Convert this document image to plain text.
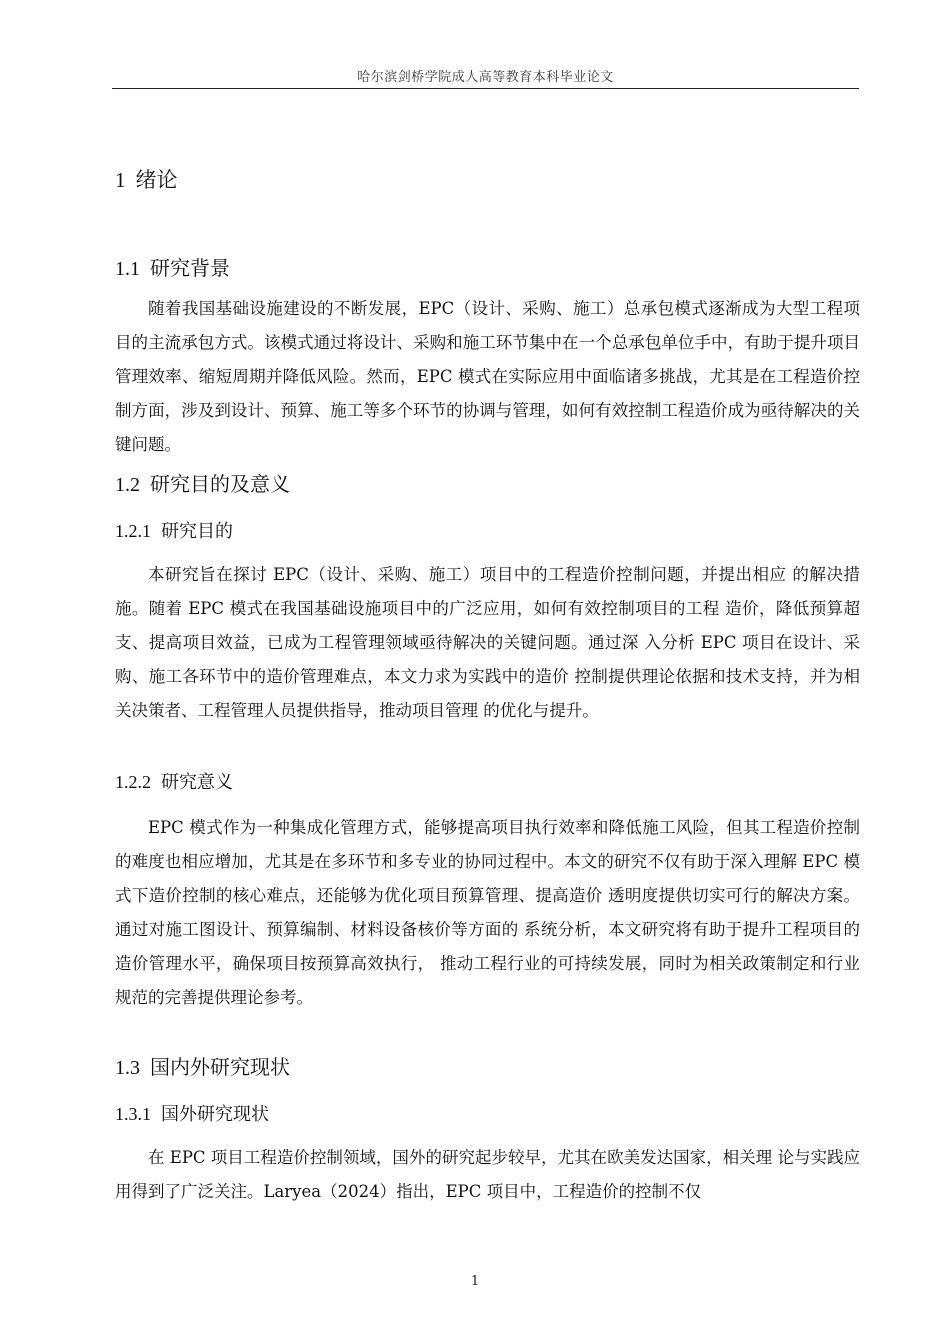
哈尔滨剑桥学院成人高等教育本科毕业论文
1 绪论
1.1 研究背景

随着我国基础设施建设的不断发展，EPC（设计、采购、施工）总承包模式逐渐成为大型工程项目的主流承包方式。该模式通过将设计、采购和施工环节集中在一个总承包单位手中，有助于提升项目管理效率、缩短周期并降低风险。然而，EPC 模式在实际应用中面临诸多挑战，尤其是在工程造价控制方面，涉及到设计、预算、施工等多个环节的协调与管理，如何有效控制工程造价成为亟待解决的关键问题。

1.2 研究目的及意义
1.2.1 研究目的

本研究旨在探讨 EPC（设计、采购、施工）项目中的工程造价控制问题，并提出相应 的解决措施。随着 EPC 模式在我国基础设施项目中的广泛应用，如何有效控制项目的工程 造价，降低预算超支、提高项目效益，已成为工程管理领域亟待解决的关键问题。通过深 入分析 EPC 项目在设计、采购、施工各环节中的造价管理难点，本文力求为实践中的造价 控制提供理论依据和技术支持，并为相关决策者、工程管理人员提供指导，推动项目管理 的优化与提升。

1.2.2 研究意义

EPC 模式作为一种集成化管理方式，能够提高项目执行效率和降低施工风险，但其工程造价控制的难度也相应增加，尤其是在多环节和多专业的协同过程中。本文的研究不仅有助于深入理解 EPC 模式下造价控制的核心难点，还能够为优化项目预算管理、提高造价 透明度提供切实可行的解决方案。通过对施工图设计、预算编制、材料设备核价等方面的 系统分析，本文研究将有助于提升工程项目的造价管理水平，确保项目按预算高效执行， 推动工程行业的可持续发展，同时为相关政策制定和行业规范的完善提供理论参考。

1.3 国内外研究现状
1.3.1 国外研究现状

在 EPC 项目工程造价控制领域，国外的研究起步较早，尤其在欧美发达国家，相关理 论与实践应用得到了广泛关注。Laryea（2024）指出，EPC 项目中，工程造价的控制不仅

1
